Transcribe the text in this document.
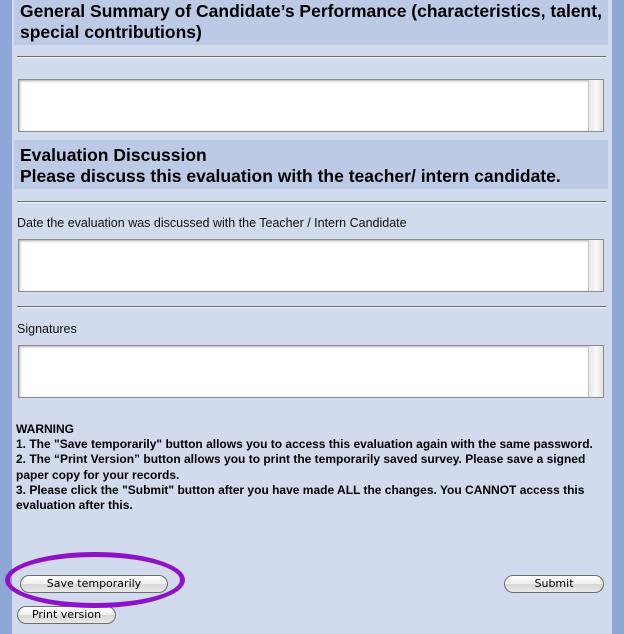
General Summary of Candidate’s Performance (characteristics, talent, special contributions)
Evaluation Discussion
Please discuss this evaluation with the teacher/ intern candidate.
Date the evaluation was discussed with the Teacher / Intern Candidate
Signatures
WARNING
1. The "Save temporarily" button allows you to access this evaluation again with the same password.
2. The “Print Version” button allows you to print the temporarily saved survey. Please save a signed paper copy for your records.
3. Please click the "Submit" button after you have made ALL the changes. You CANNOT access this evaluation after this.
Save temporarily	Submit
Print version
